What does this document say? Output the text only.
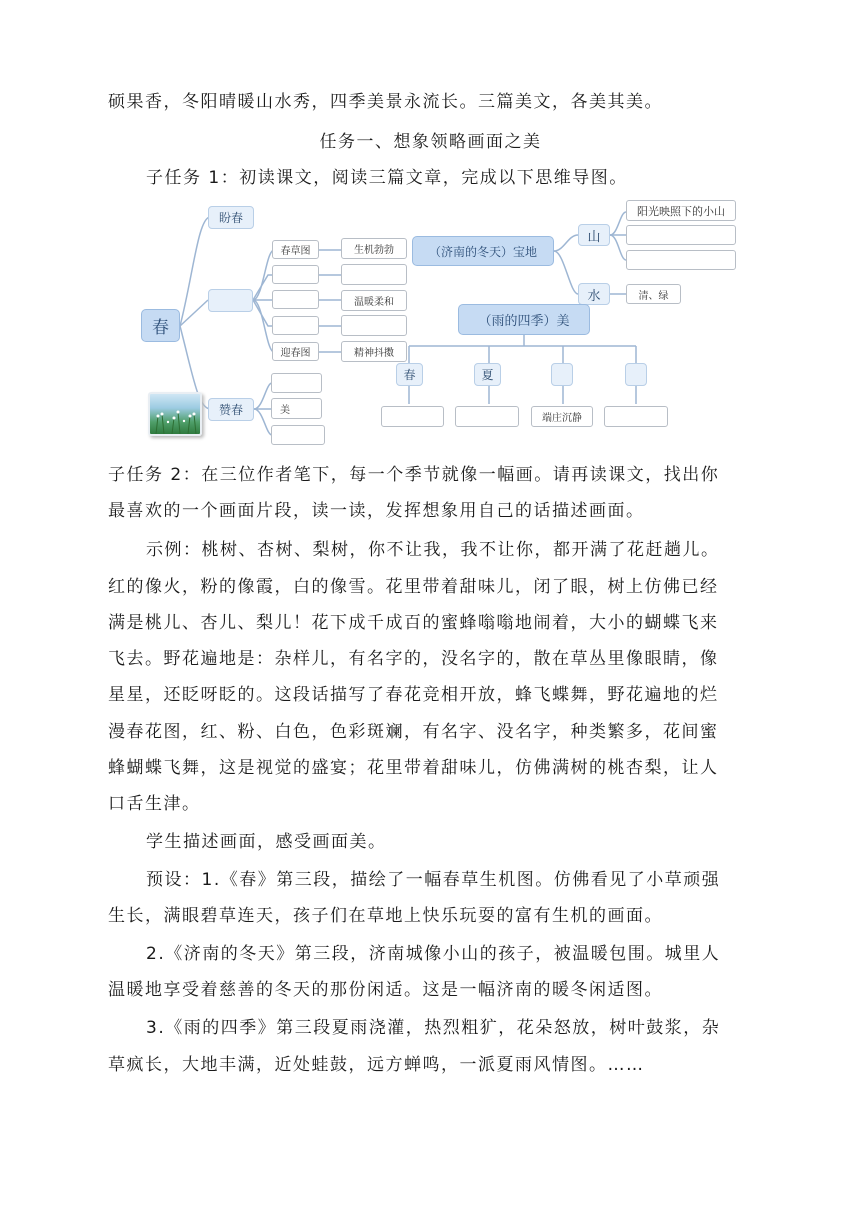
硕果香，冬阳晴暖山水秀，四季美景永流长。三篇美文，各美其美。
任务一、想象领略画面之美
子任务 1：初读课文，阅读三篇文章，完成以下思维导图。
春
盼春
赞春
春草图
迎春图
生机勃勃
温暖柔和
精神抖擞
美
（济南的冬天）宝地
山
水
阳光映照下的小山
清、绿
（雨的四季）美
春	夏
端庄沉静
子任务 2：在三位作者笔下，每一个季节就像一幅画。请再读课文，找出你
最喜欢的一个画面片段，读一读，发挥想象用自己的话描述画面。
示例：桃树、杏树、梨树，你不让我，我不让你，都开满了花赶趟儿。
红的像火，粉的像霞，白的像雪。花里带着甜味儿，闭了眼，树上仿佛已经
满是桃儿、杏儿、梨儿！花下成千成百的蜜蜂嗡嗡地闹着，大小的蝴蝶飞来
飞去。野花遍地是：杂样儿，有名字的，没名字的，散在草丛里像眼睛，像
星星，还眨呀眨的。这段话描写了春花竞相开放，蜂飞蝶舞，野花遍地的烂
漫春花图，红、粉、白色，色彩斑斓，有名字、没名字，种类繁多，花间蜜
蜂蝴蝶飞舞，这是视觉的盛宴；花里带着甜味儿，仿佛满树的桃杏梨，让人
口舌生津。
学生描述画面，感受画面美。
预设：1.《春》第三段，描绘了一幅春草生机图。仿佛看见了小草顽强
生长，满眼碧草连天，孩子们在草地上快乐玩耍的富有生机的画面。
2.《济南的冬天》第三段，济南城像小山的孩子，被温暖包围。城里人
温暖地享受着慈善的冬天的那份闲适。这是一幅济南的暖冬闲适图。
3.《雨的四季》第三段夏雨浇灌，热烈粗犷，花朵怒放，树叶鼓浆，杂
草疯长，大地丰满，近处蛙鼓，远方蝉鸣，一派夏雨风情图。……
